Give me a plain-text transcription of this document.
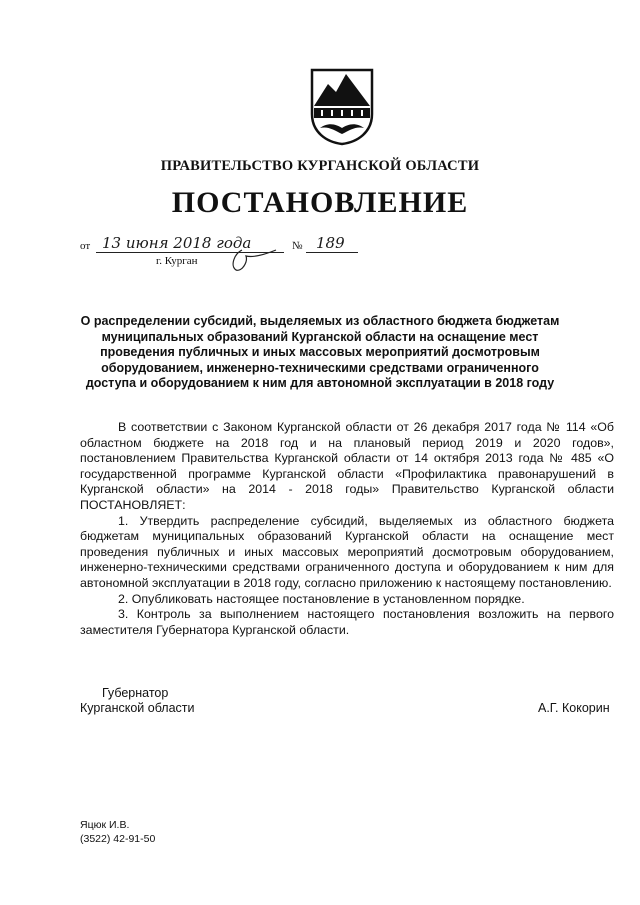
ПРАВИТЕЛЬСТВО КУРГАНСКОЙ ОБЛАСТИ
ПОСТАНОВЛЕНИЕ
от 13 июня 2018 года	№ 189
г. Курган
О распределении субсидий, выделяемых из областного бюджета бюджетам муниципальных образований Курганской области на оснащение мест проведения публичных и иных массовых мероприятий досмотровым оборудованием, инженерно-техническими средствами ограниченного доступа и оборудованием к ним для автономной эксплуатации в 2018 году

В соответствии с Законом Курганской области от 26 декабря 2017 года № 114 «Об областном бюджете на 2018 год и на плановый период 2019 и 2020 годов», постановлением Правительства Курганской области от 14 октября 2013 года № 485 «О государственной программе Курганской области «Профилактика правонарушений в Курганской области» на 2014 - 2018 годы» Правительство Курганской области ПОСТАНОВЛЯЕТ:

1. Утвердить распределение субсидий, выделяемых из областного бюджета бюджетам муниципальных образований Курганской области на оснащение мест проведения публичных и иных массовых мероприятий досмотровым оборудованием, инженерно-техническими средствами ограниченного доступа и оборудованием к ним для автономной эксплуатации в 2018 году, согласно приложению к настоящему постановлению.

2. Опубликовать настоящее постановление в установленном порядке.

3. Контроль за выполнением настоящего постановления возложить на первого заместителя Губернатора Курганской области.

Губернатор
Курганской области	А.Г. Кокорин
Яцюк И.В.
(3522) 42-91-50
